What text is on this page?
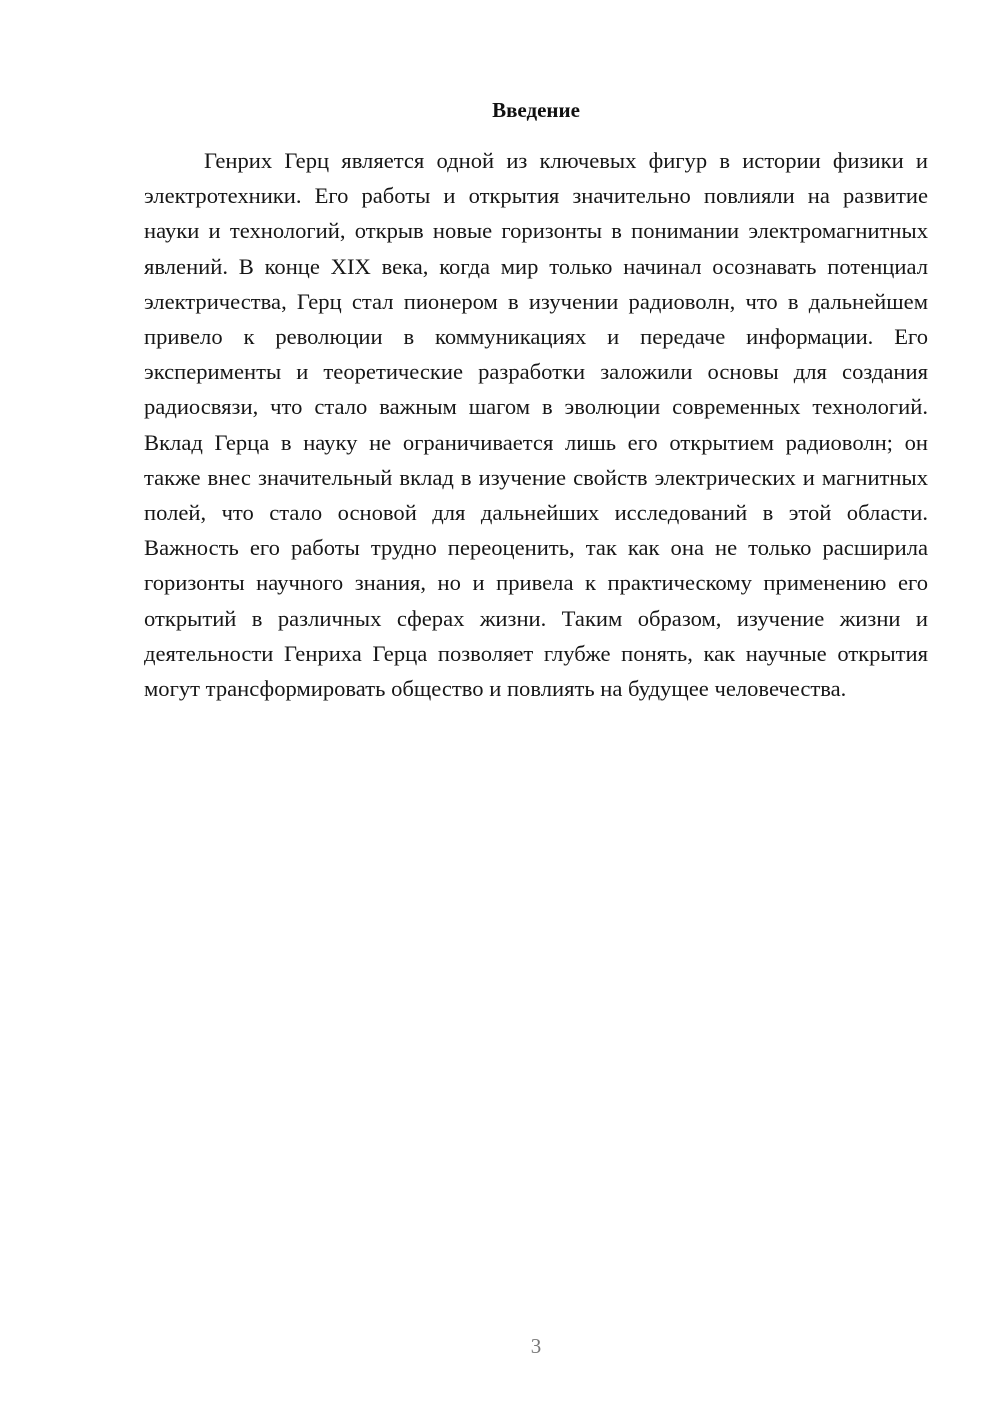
Введение

Генрих Герц является одной из ключевых фигур в истории физики и электротехники. Его работы и открытия значительно повлияли на развитие науки и технологий, открыв новые горизонты в понимании электромагнитных явлений. В конце XIX века, когда мир только начинал осознавать потенциал электричества, Герц стал пионером в изучении радиоволн, что в дальнейшем привело к революции в коммуникациях и передаче информации. Его эксперименты и теоретические разработки заложили основы для создания радиосвязи, что стало важным шагом в эволюции современных технологий. Вклад Герца в науку не ограничивается лишь его открытием радиоволн; он также внес значительный вклад в изучение свойств электрических и магнитных полей, что стало основой для дальнейших исследований в этой области. Важность его работы трудно переоценить, так как она не только расширила горизонты научного знания, но и привела к практическому применению его открытий в различных сферах жизни. Таким образом, изучение жизни и деятельности Генриха Герца позволяет глубже понять, как научные открытия могут трансформировать общество и повлиять на будущее человечества.

3
